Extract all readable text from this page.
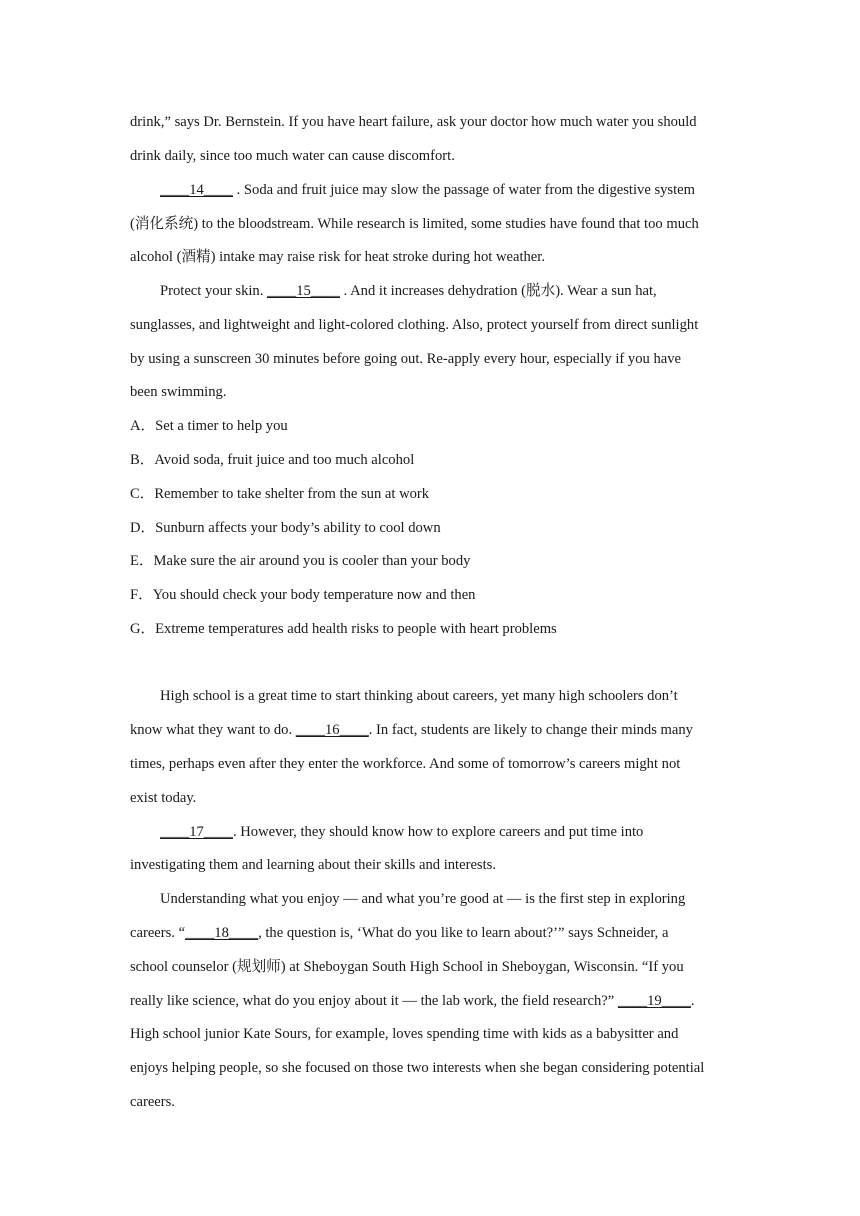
drink,” says Dr. Bernstein. If you have heart failure, ask your doctor how much water you should
drink daily, since too much water can cause discomfort.
____14____ . Soda and fruit juice may slow the passage of water from the digestive system
(消化系统) to the bloodstream. While research is limited, some studies have found that too much
alcohol (酒精) intake may raise risk for heat stroke during hot weather.
Protect your skin. ____15____ . And it increases dehydration (脱水). Wear a sun hat,
sunglasses, and lightweight and light-colored clothing. Also, protect yourself from direct sunlight
by using a sunscreen 30 minutes before going out. Re-apply every hour, especially if you have
been swimming.
A．Set a timer to help you
B．Avoid soda, fruit juice and too much alcohol
C．Remember to take shelter from the sun at work
D．Sunburn affects your body’s ability to cool down
E．Make sure the air around you is cooler than your body
F．You should check your body temperature now and then
G．Extreme temperatures add health risks to people with heart problems
High school is a great time to start thinking about careers, yet many high schoolers don’t
know what they want to do. ____16____. In fact, students are likely to change their minds many
times, perhaps even after they enter the workforce. And some of tomorrow’s careers might not
exist today.
____17____. However, they should know how to explore careers and put time into
investigating them and learning about their skills and interests.
Understanding what you enjoy — and what you’re good at — is the first step in exploring
careers. “____18____, the question is, ‘What do you like to learn about?’” says Schneider, a
school counselor (规划师) at Sheboygan South High School in Sheboygan, Wisconsin. “If you
really like science, what do you enjoy about it — the lab work, the field research?” ____19____.
High school junior Kate Sours, for example, loves spending time with kids as a babysitter and
enjoys helping people, so she focused on those two interests when she began considering potential
careers.
